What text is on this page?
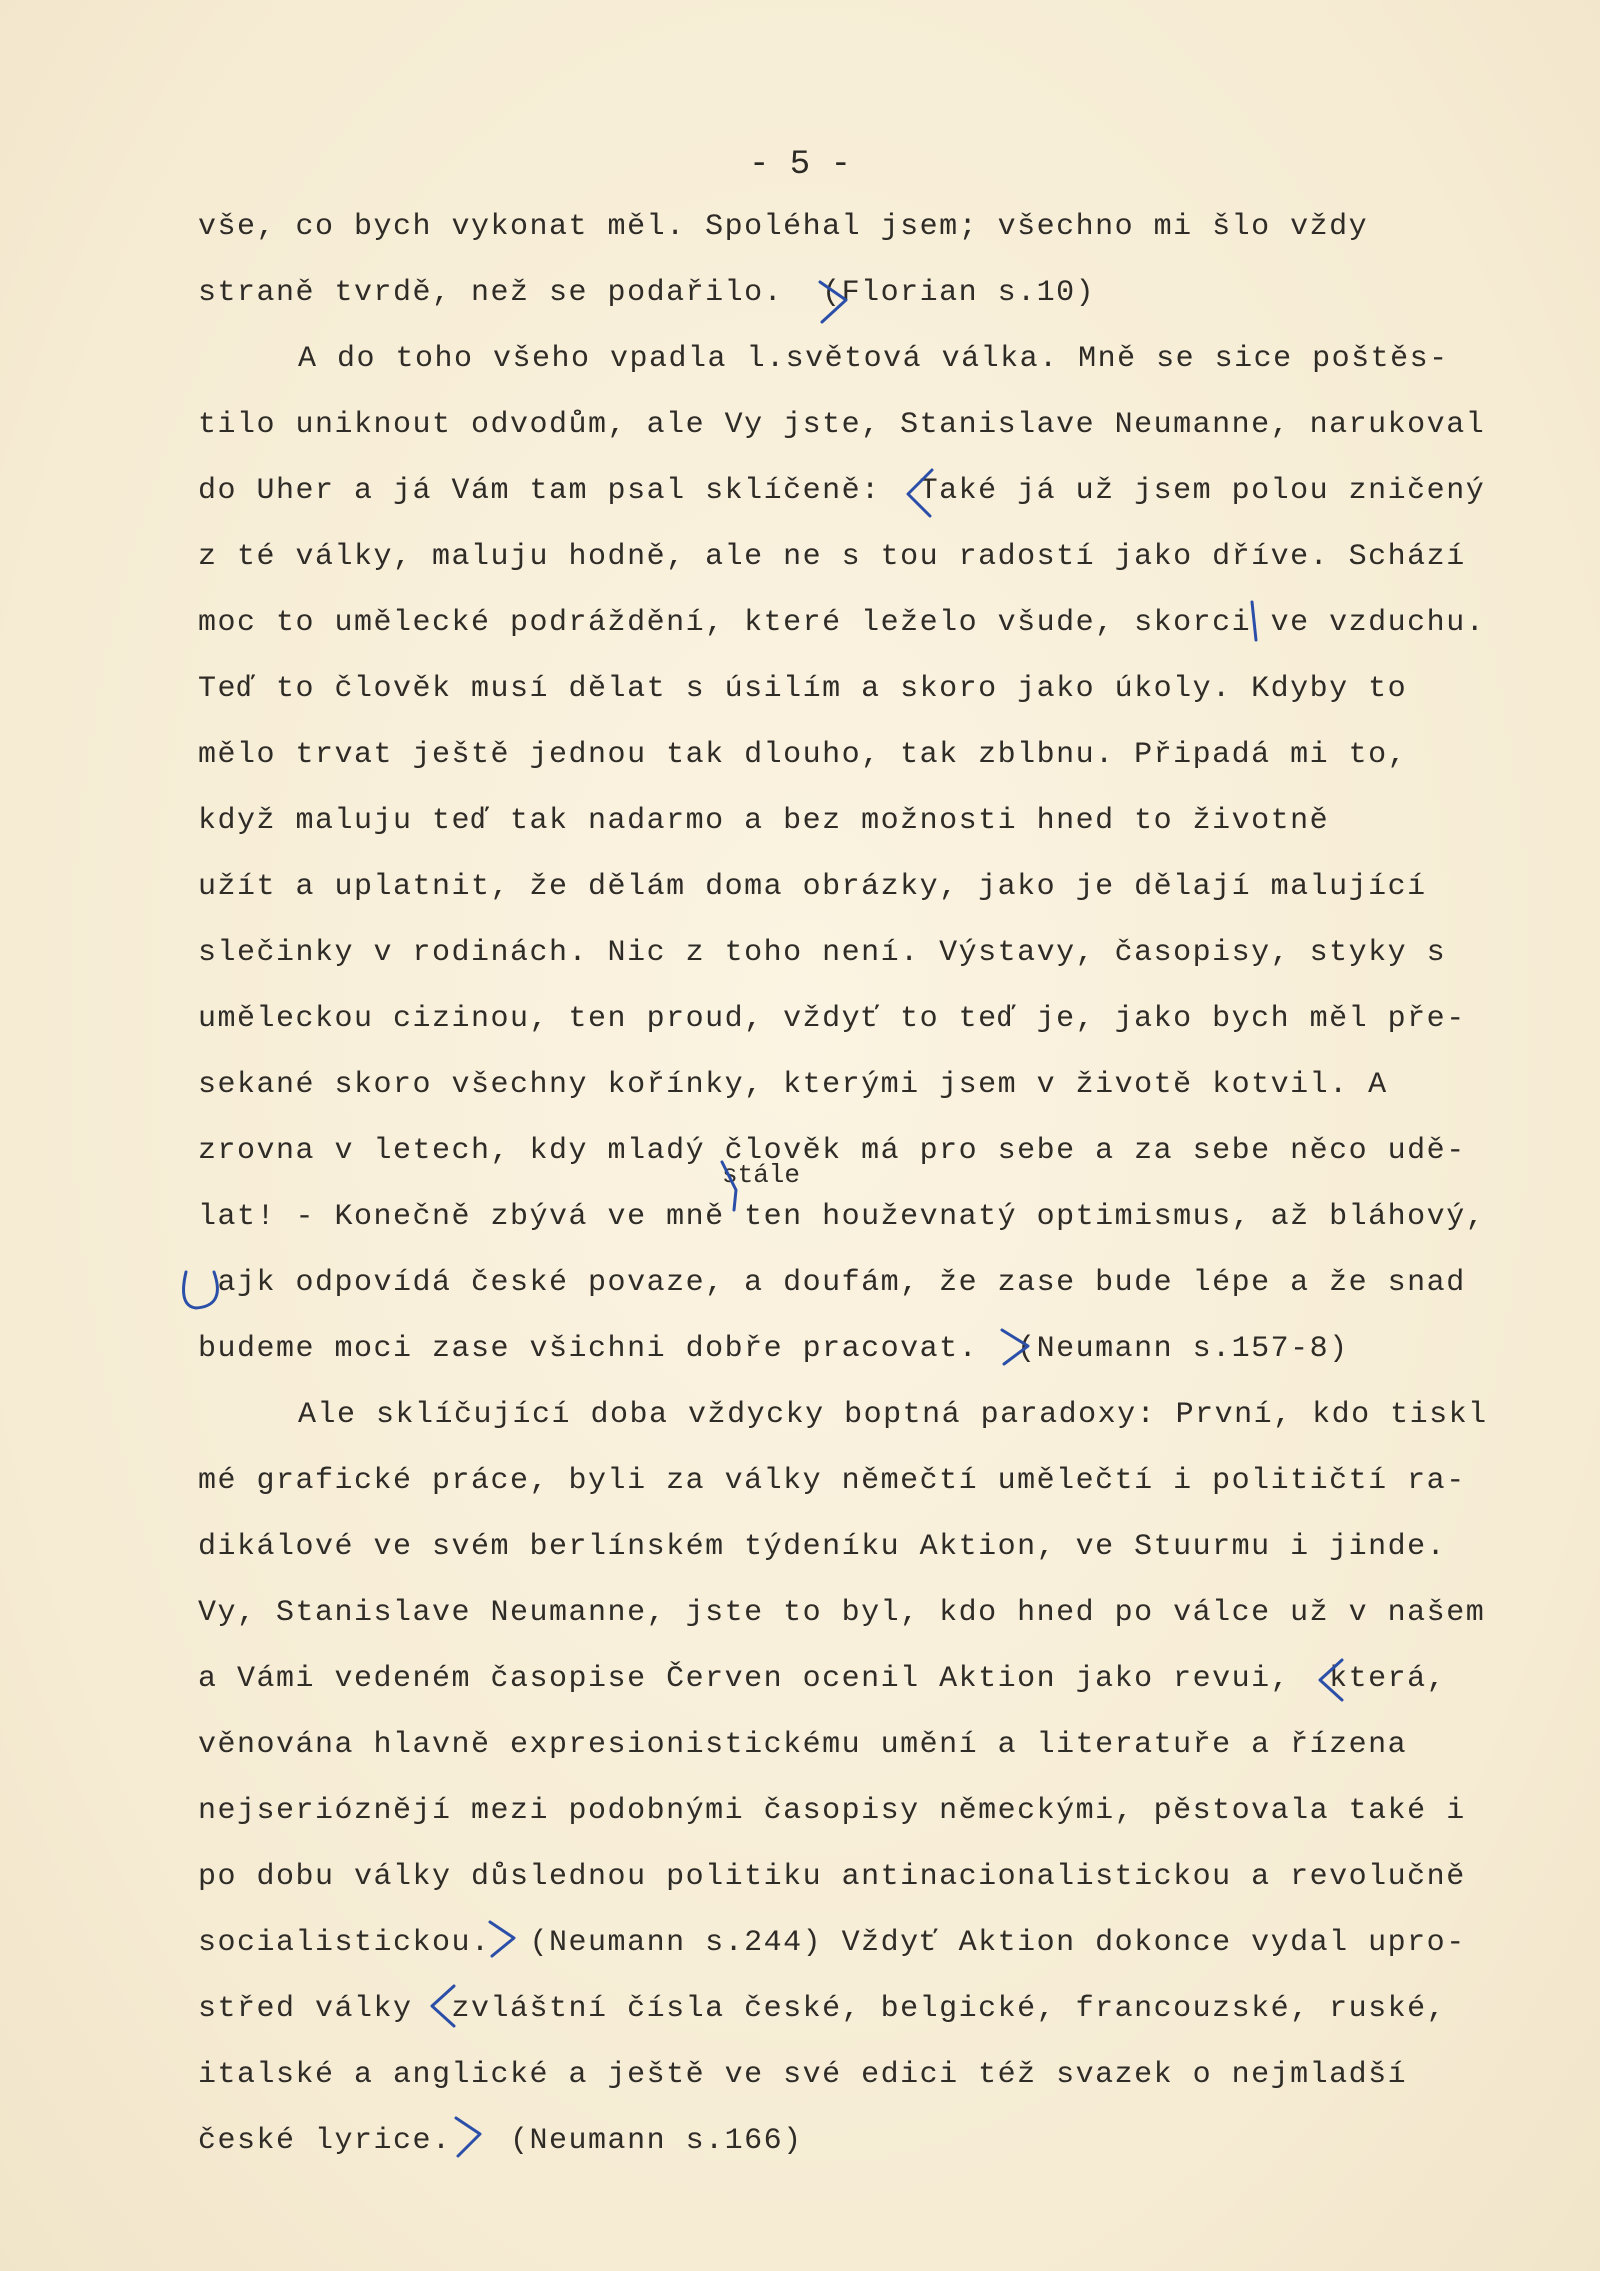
- 5 -
vše, co bych vykonat měl. Spoléhal jsem; všechno mi šlo vždy
straně tvrdě, než se podařilo.  (Florian s.10)
A do toho všeho vpadla l.světová válka. Mně se sice poštěs-
tilo uniknout odvodům, ale Vy jste, Stanislave Neumanne, narukoval
do Uher a já Vám tam psal sklíčeně:  Také já už jsem polou zničený
z té války, maluju hodně, ale ne s tou radostí jako dříve. Schází
moc to umělecké podráždění, které leželo všude, skorci ve vzduchu.
Teď to člověk musí dělat s úsilím a skoro jako úkoly. Kdyby to
mělo trvat ještě jednou tak dlouho, tak zblbnu. Připadá mi to,
když maluju teď tak nadarmo a bez možnosti hned to životně
užít a uplatnit, že dělám doma obrázky, jako je dělají malující
slečinky v rodinách. Nic z toho není. Výstavy, časopisy, styky s
uměleckou cizinou, ten proud, vždyť to teď je, jako bych měl pře-
sekané skoro všechny kořínky, kterými jsem v životě kotvil. A
zrovna v letech, kdy mladý člověk má pro sebe a za sebe něco udě-
stále
lat! - Konečně zbývá ve mně ten houževnatý optimismus, až bláhový,
ajk odpovídá české povaze, a doufám, že zase bude lépe a že snad
budeme moci zase všichni dobře pracovat.  (Neumann s.157-8)
Ale sklíčující doba vždycky boptná paradoxy: První, kdo tiskl
mé grafické práce, byli za války němečtí umělečtí i političtí ra-
dikálové ve svém berlínském týdeníku Aktion, ve Stuurmu i jinde.
Vy, Stanislave Neumanne, jste to byl, kdo hned po válce už v našem
a Vámi vedeném časopise Červen ocenil Aktion jako revui,  která,
věnována hlavně expresionistickému umění a literatuře a řízena
nejserióznějí mezi podobnými časopisy německými, pěstovala také i
po dobu války důslednou politiku antinacionalistickou a revolučně
socialistickou.  (Neumann s.244) Vždyť Aktion dokonce vydal upro-
střed války  zvláštní čísla české, belgické, francouzské, ruské,
italské a anglické a ještě ve své edici též svazek o nejmladší
české lyrice.   (Neumann s.166)
